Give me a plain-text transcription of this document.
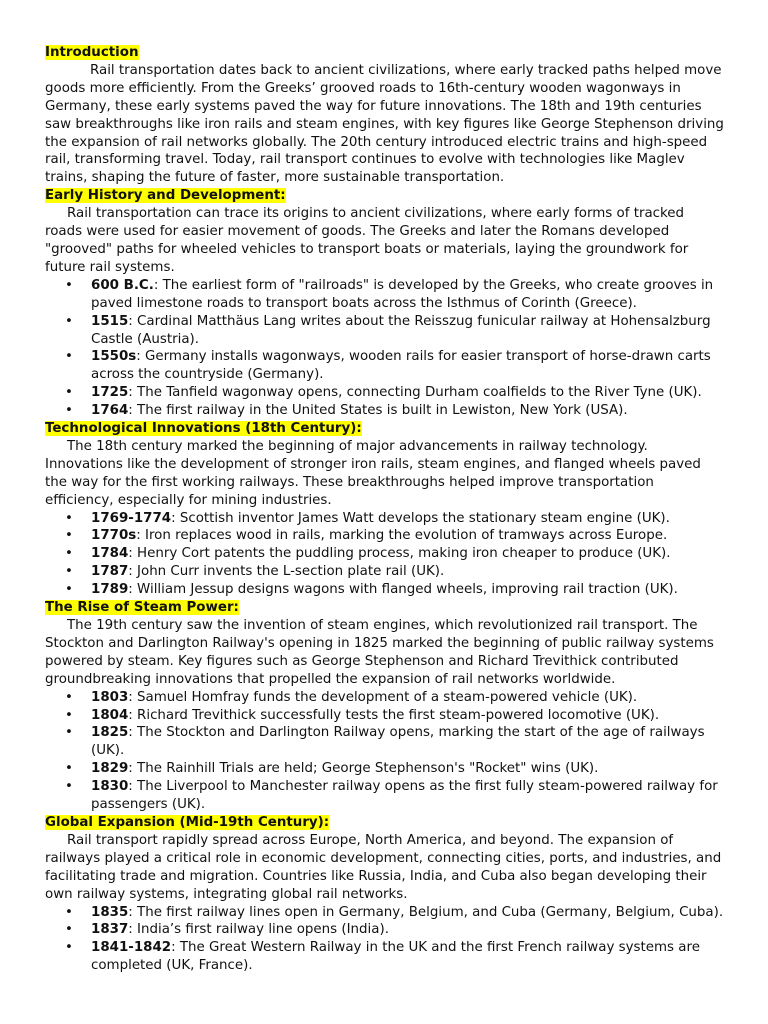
Introduction

Rail transportation dates back to ancient civilizations, where early tracked paths helped move goods more efficiently. From the Greeks’ grooved roads to 16th-century wooden wagonways in Germany, these early systems paved the way for future innovations. The 18th and 19th centuries saw breakthroughs like iron rails and steam engines, with key figures like George Stephenson driving the expansion of rail networks globally. The 20th century introduced electric trains and high-speed rail, transforming travel. Today, rail transport continues to evolve with technologies like Maglev trains, shaping the future of faster, more sustainable transportation.

Early History and Development:

Rail transportation can trace its origins to ancient civilizations, where early forms of tracked roads were used for easier movement of goods. The Greeks and later the Romans developed "grooved" paths for wheeled vehicles to transport boats or materials, laying the groundwork for future rail systems.

• 600 B.C.: The earliest form of "railroads" is developed by the Greeks, who create grooves in paved limestone roads to transport boats across the Isthmus of Corinth (Greece).
• 1515: Cardinal Matthäus Lang writes about the Reisszug funicular railway at Hohensalzburg Castle (Austria).
• 1550s: Germany installs wagonways, wooden rails for easier transport of horse-drawn carts across the countryside (Germany).
• 1725: The Tanfield wagonway opens, connecting Durham coalfields to the River Tyne (UK).
• 1764: The first railway in the United States is built in Lewiston, New York (USA).
Technological Innovations (18th Century):

The 18th century marked the beginning of major advancements in railway technology. Innovations like the development of stronger iron rails, steam engines, and flanged wheels paved the way for the first working railways. These breakthroughs helped improve transportation efficiency, especially for mining industries.

• 1769-1774: Scottish inventor James Watt develops the stationary steam engine (UK).
• 1770s: Iron replaces wood in rails, marking the evolution of tramways across Europe.
• 1784: Henry Cort patents the puddling process, making iron cheaper to produce (UK).
• 1787: John Curr invents the L-section plate rail (UK).
• 1789: William Jessup designs wagons with flanged wheels, improving rail traction (UK).
The Rise of Steam Power:

The 19th century saw the invention of steam engines, which revolutionized rail transport. The Stockton and Darlington Railway's opening in 1825 marked the beginning of public railway systems powered by steam. Key figures such as George Stephenson and Richard Trevithick contributed groundbreaking innovations that propelled the expansion of rail networks worldwide.

• 1803: Samuel Homfray funds the development of a steam-powered vehicle (UK).
• 1804: Richard Trevithick successfully tests the first steam-powered locomotive (UK).
• 1825: The Stockton and Darlington Railway opens, marking the start of the age of railways (UK).
• 1829: The Rainhill Trials are held; George Stephenson's "Rocket" wins (UK).
• 1830: The Liverpool to Manchester railway opens as the first fully steam-powered railway for passengers (UK).
Global Expansion (Mid-19th Century):

Rail transport rapidly spread across Europe, North America, and beyond. The expansion of railways played a critical role in economic development, connecting cities, ports, and industries, and facilitating trade and migration. Countries like Russia, India, and Cuba also began developing their own railway systems, integrating global rail networks.

• 1835: The first railway lines open in Germany, Belgium, and Cuba (Germany, Belgium, Cuba).
• 1837: India’s first railway line opens (India).
• 1841-1842: The Great Western Railway in the UK and the first French railway systems are completed (UK, France).
